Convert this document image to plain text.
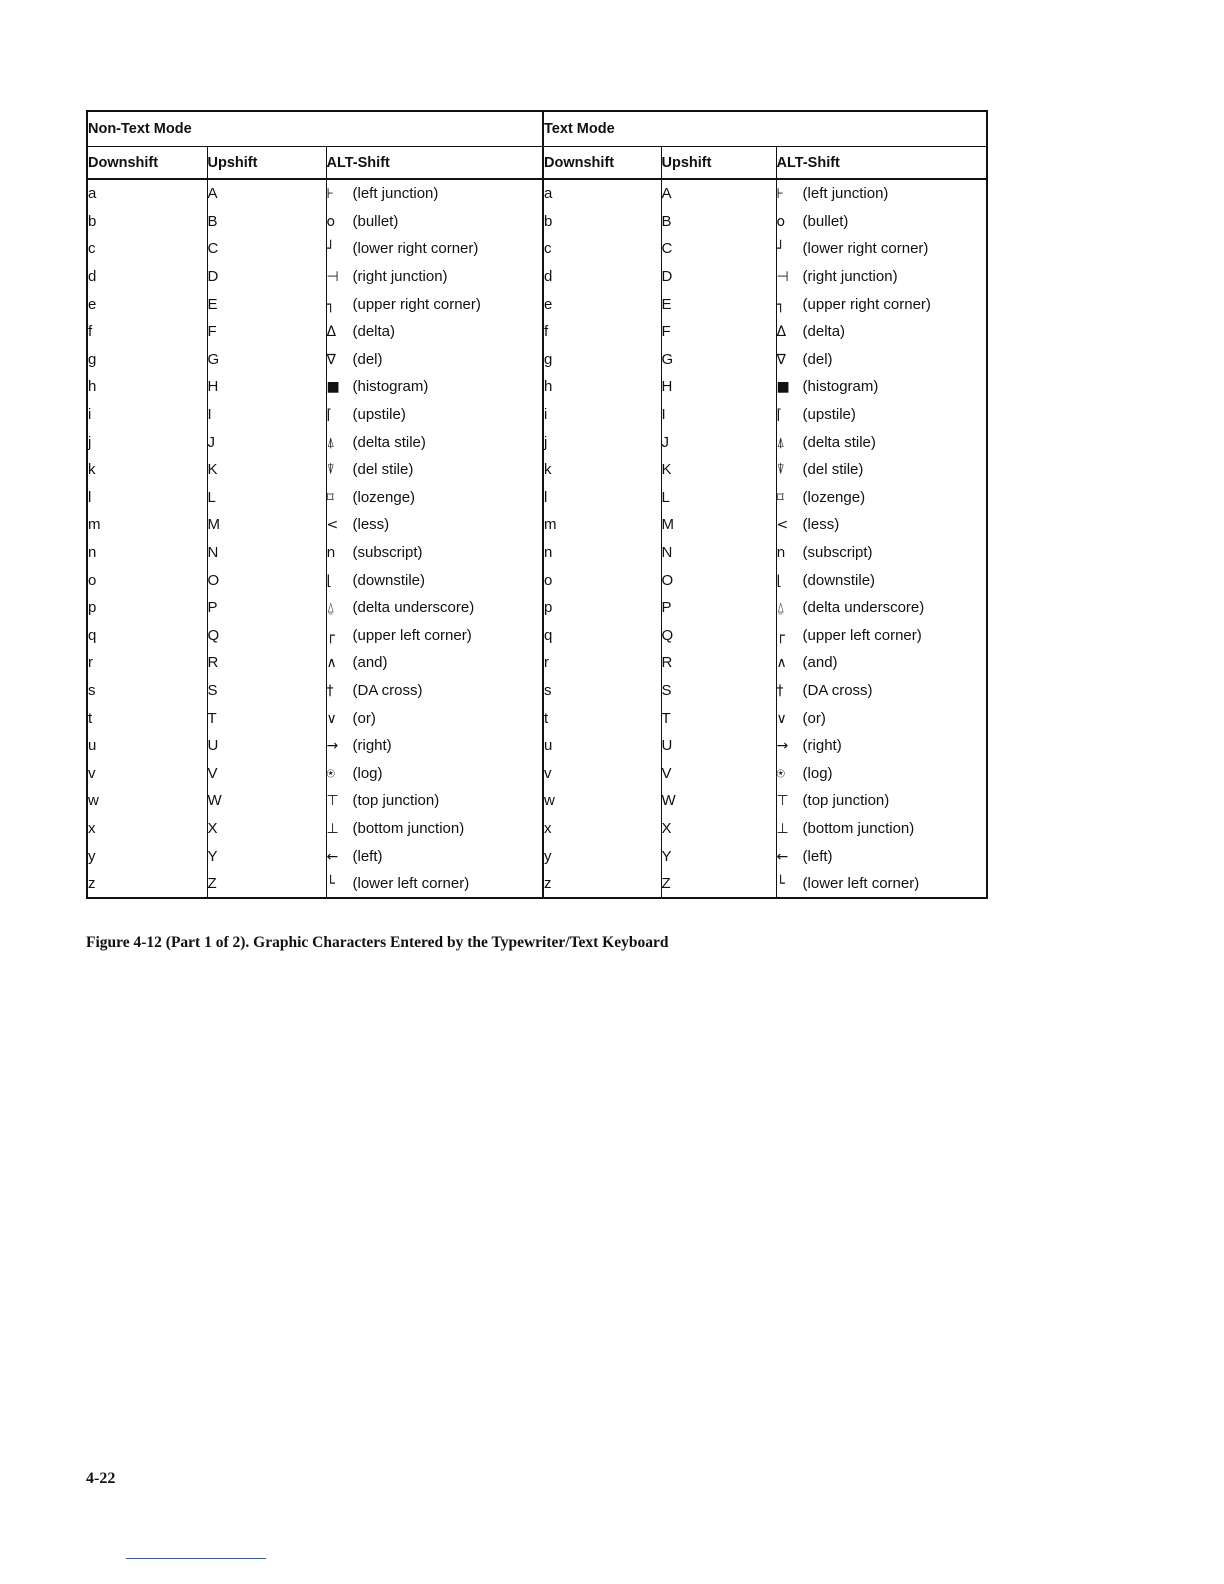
Non-Text Mode			Text Mode		
Downshift	Upshift	ALT-Shift	Downshift	Upshift	ALT-Shift
a	A	⊦ (left junction)	a	A	⊦ (left junction)
b	B	o (bullet)	b	B	o (bullet)
c	C	┘ (lower right corner)	c	C	┘ (lower right corner)
d	D	⊣ (right junction)	d	D	⊣ (right junction)
e	E	┐ (upper right corner)	e	E	┐ (upper right corner)
f	F	Δ (delta)	f	F	Δ (delta)
g	G	∇ (del)	g	G	∇ (del)
h	H	■ (histogram)	h	H	■ (histogram)
i	I	⌈ (upstile)	i	I	⌈ (upstile)
j	J	⍋ (delta stile)	j	J	⍋ (delta stile)
k	K	⍒ (del stile)	k	K	⍒ (del stile)
l	L	⌑ (lozenge)	l	L	⌑ (lozenge)
m	M	< (less)	m	M	< (less)
n	N	n (subscript)	n	N	n (subscript)
o	O	⌊ (downstile)	o	O	⌊ (downstile)
p	P	⍙ (delta underscore)	p	P	⍙ (delta underscore)
q	Q	┌ (upper left corner)	q	Q	┌ (upper left corner)
r	R	∧ (and)	r	R	∧ (and)
s	S	† (DA cross)	s	S	† (DA cross)
t	T	∨ (or)	t	T	∨ (or)
u	U	→ (right)	u	U	→ (right)
v	V	⍟ (log)	v	V	⍟ (log)
w	W	⊤ (top junction)	w	W	⊤ (top junction)
x	X	⊥ (bottom junction)	x	X	⊥ (bottom junction)
y	Y	← (left)	y	Y	← (left)
z	Z	└ (lower left corner)	z	Z	└ (lower left corner)
Figure 4-12 (Part 1 of 2). Graphic Characters Entered by the Typewriter/Text Keyboard
4-22
